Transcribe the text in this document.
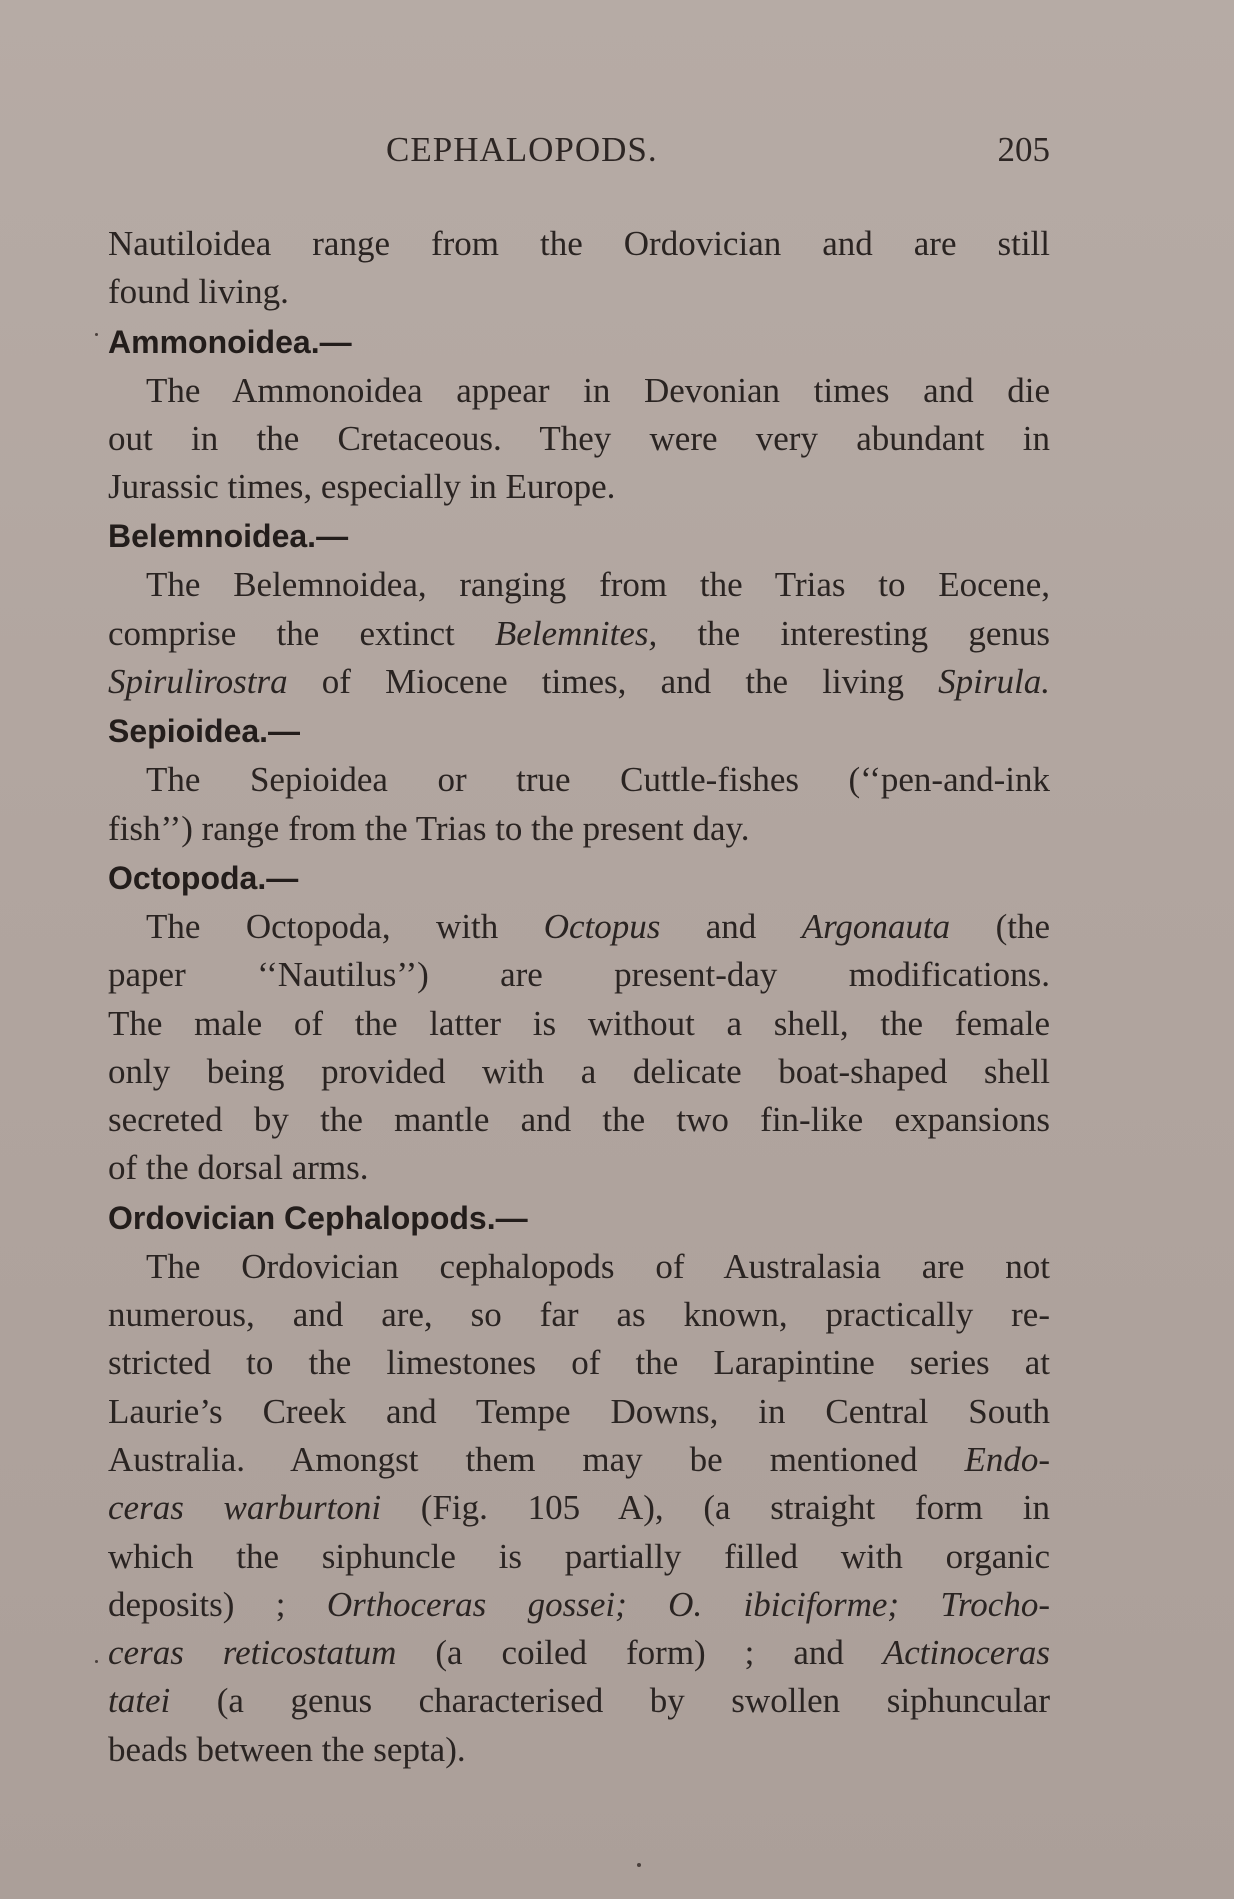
CEPHALOPODS.	205
Nautiloidea range from the Ordovician and are still
found living.
Ammonoidea.—
The Ammonoidea appear in Devonian times and die
out in the Cretaceous. They were very abundant in
Jurassic times, especially in Europe.
Belemnoidea.—
The Belemnoidea, ranging from the Trias to Eocene,
comprise the extinct Belemnites, the interesting genus
Spirulirostra of Miocene times, and the living Spirula.
Sepioidea.—
The Sepioidea or true Cuttle-fishes (‘‘pen-and-ink
fish’’) range from the Trias to the present day.
Octopoda.—
The Octopoda, with Octopus and Argonauta (the
paper ‘‘Nautilus’’) are present-day modifications.
The male of the latter is without a shell, the female
only being provided with a delicate boat-shaped shell
secreted by the mantle and the two fin-like expansions
of the dorsal arms.
Ordovician Cephalopods.—
The Ordovician cephalopods of Australasia are not
numerous, and are, so far as known, practically re-
stricted to the limestones of the Larapintine series at
Laurie’s Creek and Tempe Downs, in Central South
Australia. Amongst them may be mentioned Endo-
ceras warburtoni (Fig. 105 A), (a straight form in
which the siphuncle is partially filled with organic
deposits) ; Orthoceras gossei; O. ibiciforme; Trocho-
ceras reticostatum (a coiled form) ; and Actinoceras
tatei (a genus characterised by swollen siphuncular
beads between the septa).
